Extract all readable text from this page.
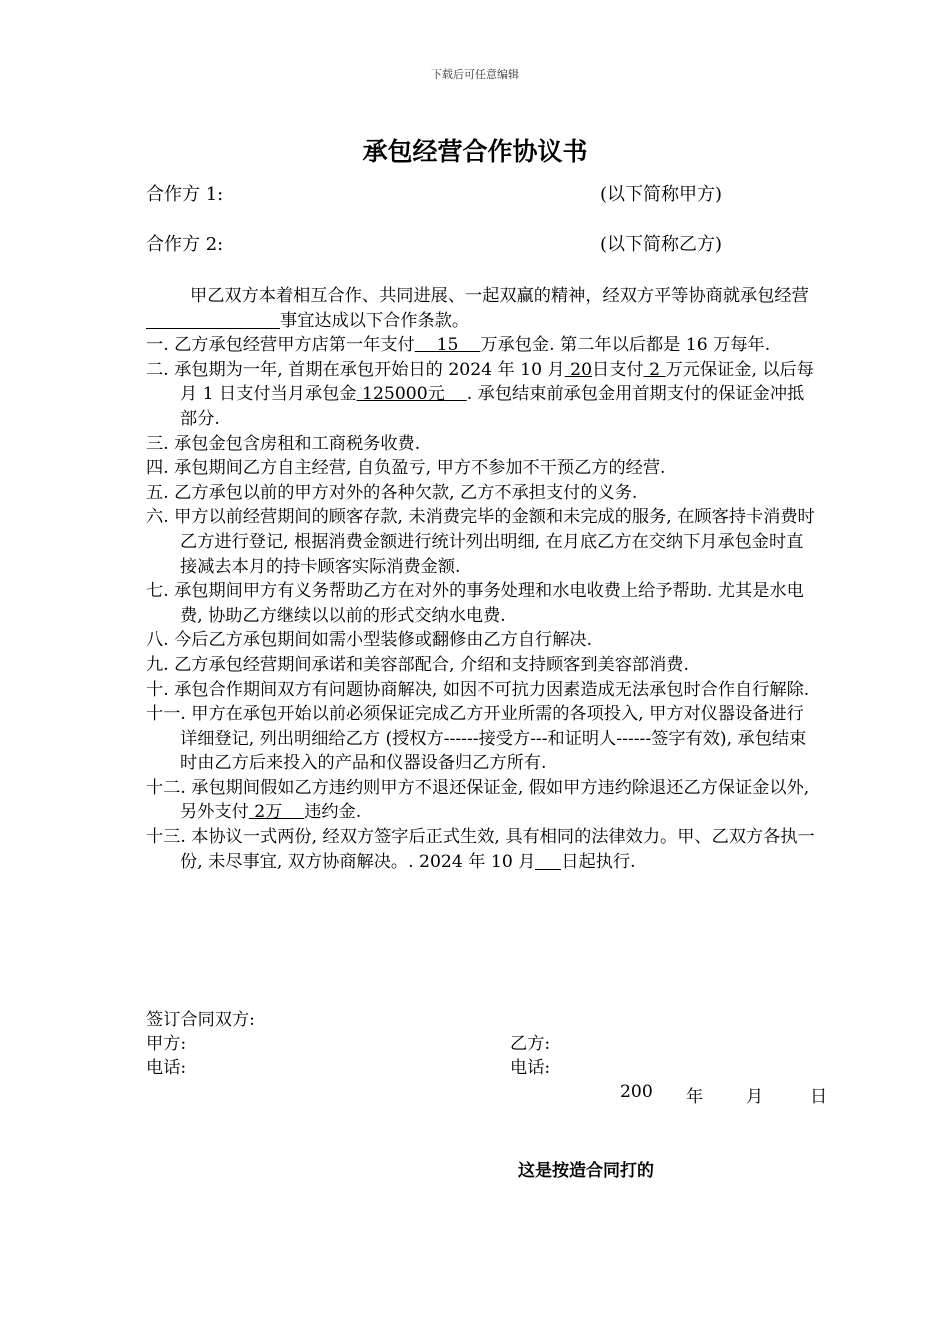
下载后可任意编辑
承包经营合作协议书
合作方 1:	(以下简称甲方)
合作方 2:	(以下简称乙方)
甲乙双方本着相互合作、共同进展、一起双赢的精神，经双方平等协商就承包经营事宜达成以下合作条款。
一. 乙方承包经营甲方店第一年支付 15 万承包金. 第二年以后都是 16 万每年.
二. 承包期为一年, 首期在承包开始日的 2024 年 10 月 20日支付 2 万元保证金, 以后每月 1 日支付当月承包金 125000元 . 承包结束前承包金用首期支付的保证金冲抵部分.
三. 承包金包含房租和工商税务收费.
四. 承包期间乙方自主经营, 自负盈亏, 甲方不参加不干预乙方的经营.
五. 乙方承包以前的甲方对外的各种欠款, 乙方不承担支付的义务.
六. 甲方以前经营期间的顾客存款, 未消费完毕的金额和未完成的服务, 在顾客持卡消费时乙方进行登记, 根据消费金额进行统计列出明细, 在月底乙方在交纳下月承包金时直接减去本月的持卡顾客实际消费金额.
七. 承包期间甲方有义务帮助乙方在对外的事务处理和水电收费上给予帮助. 尤其是水电费, 协助乙方继续以以前的形式交纳水电费.
八. 今后乙方承包期间如需小型装修或翻修由乙方自行解决.
九. 乙方承包经营期间承诺和美容部配合, 介绍和支持顾客到美容部消费.
十. 承包合作期间双方有问题协商解决, 如因不可抗力因素造成无法承包时合作自行解除.
十一. 甲方在承包开始以前必须保证完成乙方开业所需的各项投入, 甲方对仪器设备进行详细登记, 列出明细给乙方 (授权方------接受方---和证明人------签字有效), 承包结束时由乙方后来投入的产品和仪器设备归乙方所有.
十二. 承包期间假如乙方违约则甲方不退还保证金, 假如甲方违约除退还乙方保证金以外, 另外支付 2万 违约金.
十三. 本协议一式两份, 经双方签字后正式生效, 具有相同的法律效力。甲、乙双方各执一份, 未尽事宜, 双方协商解决。. 2024 年 10 月 日起执行.
签订合同双方:
甲方:	乙方:
电话:	电话:
200 年 月	日
这是按造合同打的
